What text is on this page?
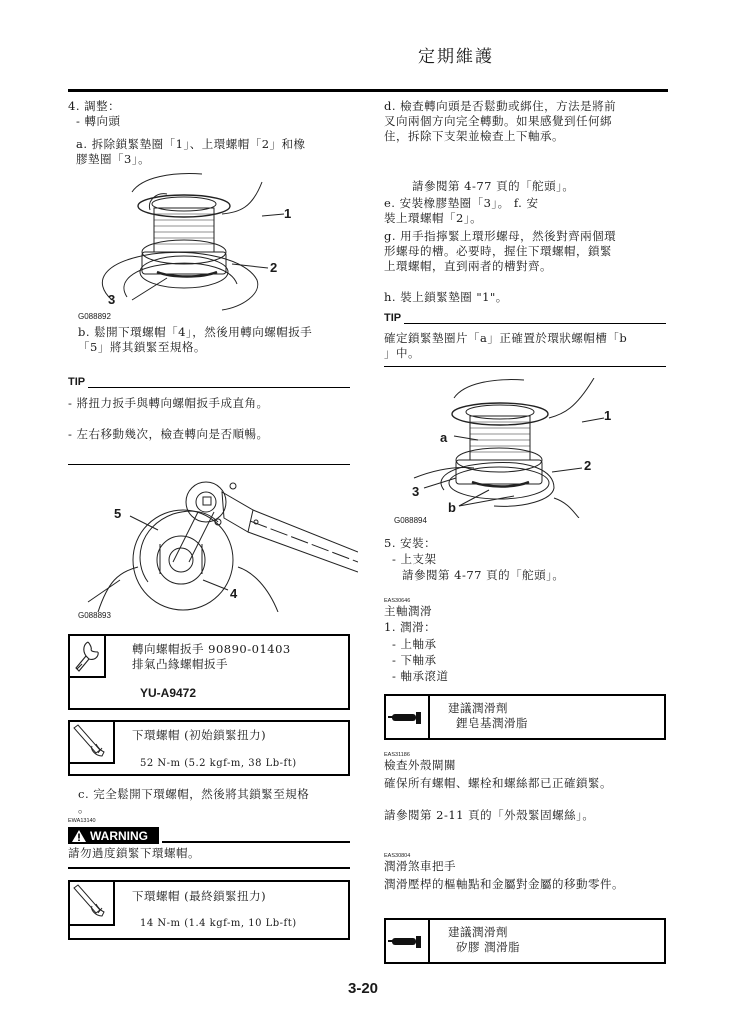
定期維護
4. 調整：
- 轉向頭
a. 拆除鎖緊墊圈「1」、上環螺帽「2」和橡
膠墊圈「3」。
1
2
3
G088892
b. 鬆開下環螺帽「4」，然後用轉向螺帽扳手
「5」將其鎖緊至規格。
TIP
- 將扭力扳手與轉向螺帽扳手成直角。
- 左右移動幾次，檢查轉向是否順暢。
5
4
G088893
轉向螺帽扳手 90890-01403
排氣凸緣螺帽扳手
YU-A9472
下環螺帽 (初始鎖緊扭力)
52 N-m (5.2 kgf-m, 38 Lb-ft)
c. 完全鬆開下環螺帽，然後將其鎖緊至規格
。
EWA13140
WARNING
請勿過度鎖緊下環螺帽。
下環螺帽 (最終鎖緊扭力)
14 N-m (1.4 kgf-m, 10 Lb-ft)
d. 檢查轉向頭是否鬆動或綁住，方法是將前
叉向兩個方向完全轉動。如果感覺到任何綁
住，拆除下支架並檢查上下軸承。
請參閱第 4-77 頁的「舵頭」。
e. 安裝橡膠墊圈「3」。 f. 安
裝上環螺帽「2」。
g. 用手指擰緊上環形螺母，然後對齊兩個環
形螺母的槽。必要時，握住下環螺帽，鎖緊
上環螺帽，直到兩者的槽對齊。
h. 裝上鎖緊墊圈 "1"。
TIP
確定鎖緊墊圈片「a」正確置於環狀螺帽槽「b
」中。
1
a
2
3
b
G088894
5. 安裝：
- 上支架
請參閱第 4-77 頁的「舵頭」。
EAS30646
主軸潤滑
1. 潤滑：
- 上軸承
- 下軸承
- 軸承滾道
建議潤滑劑
鋰皂基潤滑脂
EAS31186
檢查外殼閘關
確保所有螺帽、螺栓和螺絲都已正確鎖緊。
請參閱第 2-11 頁的「外殼緊固螺絲」。
EAS30804
潤滑煞車把手
潤滑壓桿的樞軸點和金屬對金屬的移動零件。
建議潤滑劑
矽膠 潤滑脂
3-20
